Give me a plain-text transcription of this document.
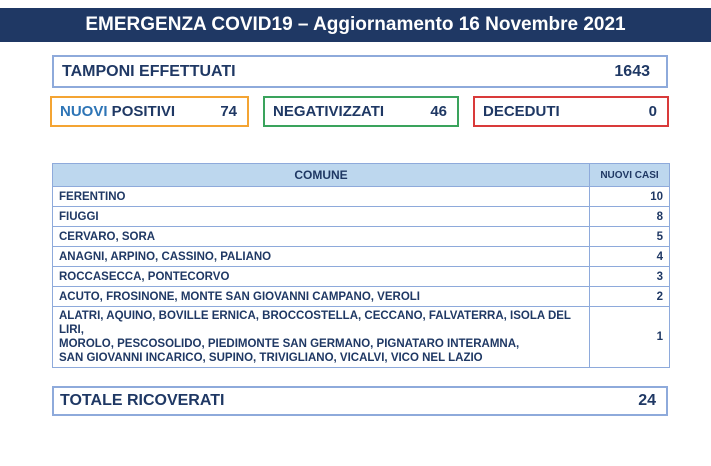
EMERGENZA COVID19 – Aggiornamento 16 Novembre 2021
TAMPONI EFFETTUATI	1643
NUOVI POSITIVI	74 NEGATIVIZZATI	46 DECEDUTI	0
COMUNE	NUOVI CASI
FERENTINO	10
FIUGGI	8
CERVARO, SORA	5
ANAGNI, ARPINO, CASSINO, PALIANO	4
ROCCASECCA, PONTECORVO	3
ACUTO, FROSINONE, MONTE SAN GIOVANNI CAMPANO, VEROLI	2

ALATRI, AQUINO, BOVILLE ERNICA, BROCCOSTELLA, CECCANO, FALVATERRA, ISOLA DEL LIRI,
MOROLO, PESCOSOLIDO, PIEDIMONTE SAN GERMANO, PIGNATARO INTERAMNA,
SAN GIOVANNI INCARICO, SUPINO, TRIVIGLIANO, VICALVI, VICO NEL LAZIO	1
TOTALE RICOVERATI	24
